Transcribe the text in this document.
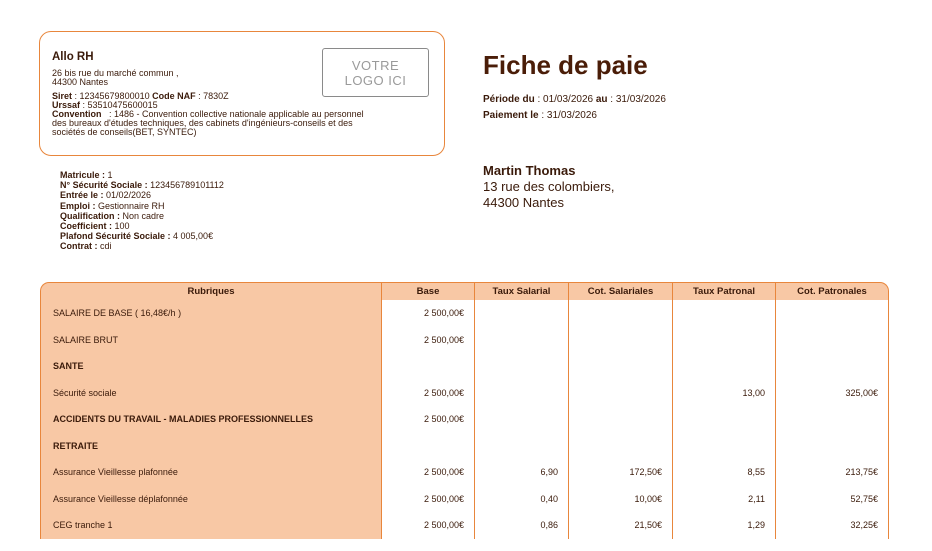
Allo RH
26 bis rue du marché commun ,
44300 Nantes
Siret : 12345679800010 Code NAF : 7830Z
Urssaf : 53510475600015
Convention   : 1486 - Convention collective nationale applicable au personnel
des bureaux d'études techniques, des cabinets d'ingénieurs-conseils et des
sociétés de conseils(BET, SYNTEC)
VOTRE
LOGO ICI	Fiche de paie
Période du : 01/03/2026 au : 31/03/2026
Paiement le : 31/03/2026
Martin Thomas
13 rue des colombiers,
44300 Nantes
Matricule : 1
N° Sécurité Sociale : 123456789101112
Entrée le : 01/02/2026
Emploi : Gestionnaire RH
Qualification : Non cadre
Coefficient : 100
Plafond Sécurité Sociale : 4 005,00€
Contrat : cdi
Rubriques	Base	Taux Salarial	Cot. Salariales	Taux Patronal	Cot. Patronales
SALAIRE DE BASE ( 16,48€/h )	2 500,00€				
SALAIRE BRUT	2 500,00€				
SANTE					
Sécurité sociale	2 500,00€			13,00	325,00€
ACCIDENTS DU TRAVAIL - MALADIES PROFESSIONNELLES	2 500,00€				
RETRAITE					
Assurance Vieillesse plafonnée	2 500,00€	6,90	172,50€	8,55	213,75€
Assurance Vieillesse déplafonnée	2 500,00€	0,40	10,00€	2,11	52,75€
CEG tranche 1	2 500,00€	0,86	21,50€	1,29	32,25€
